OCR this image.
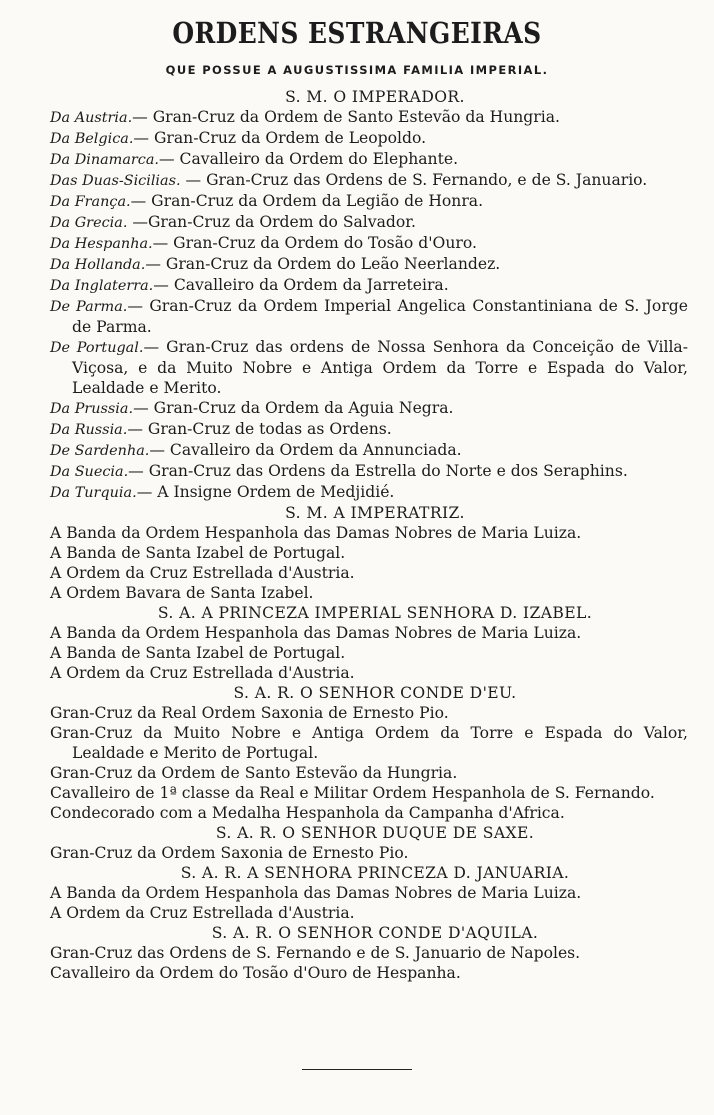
ORDENS ESTRANGEIRAS
QUE POSSUE A AUGUSTISSIMA FAMILIA IMPERIAL.
S. M. O IMPERADOR.

Da Austria.— Gran-Cruz da Ordem de Santo Estevão da Hungria.

Da Belgica.— Gran-Cruz da Ordem de Leopoldo.

Da Dinamarca.— Cavalleiro da Ordem do Elephante.

Das Duas-Sicilias. — Gran-Cruz das Ordens de S. Fernando, e de S. Januario.

Da França.— Gran-Cruz da Ordem da Legião de Honra.

Da Grecia. —Gran-Cruz da Ordem do Salvador.

Da Hespanha.— Gran-Cruz da Ordem do Tosão d'Ouro.

Da Hollanda.— Gran-Cruz da Ordem do Leão Neerlandez.

Da Inglaterra.— Cavalleiro da Ordem da Jarreteira.

De Parma.— Gran-Cruz da Ordem Imperial Angelica Constantiniana de S. Jorge de Parma.

De Portugal.— Gran-Cruz das ordens de Nossa Senhora da Conceição de Villa-Viçosa, e da Muito Nobre e Antiga Ordem da Torre e Espada do Valor, Lealdade e Merito.

Da Prussia.— Gran-Cruz da Ordem da Aguia Negra.

Da Russia.— Gran-Cruz de todas as Ordens.

De Sardenha.— Cavalleiro da Ordem da Annunciada.

Da Suecia.— Gran-Cruz das Ordens da Estrella do Norte e dos Seraphins.

Da Turquia.— A Insigne Ordem de Medjidié.

S. M. A IMPERATRIZ.

A Banda da Ordem Hespanhola das Damas Nobres de Maria Luiza.

A Banda de Santa Izabel de Portugal.

A Ordem da Cruz Estrellada d'Austria.

A Ordem Bavara de Santa Izabel.

S. A. A PRINCEZA IMPERIAL SENHORA D. IZABEL.

A Banda da Ordem Hespanhola das Damas Nobres de Maria Luiza.

A Banda de Santa Izabel de Portugal.

A Ordem da Cruz Estrellada d'Austria.

S. A. R. O SENHOR CONDE D'EU.

Gran-Cruz da Real Ordem Saxonia de Ernesto Pio.

Gran-Cruz da Muito Nobre e Antiga Ordem da Torre e Espada do Valor, Lealdade e Merito de Portugal.

Gran-Cruz da Ordem de Santo Estevão da Hungria.

Cavalleiro de 1ª classe da Real e Militar Ordem Hespanhola de S. Fernando.

Condecorado com a Medalha Hespanhola da Campanha d'Africa.

S. A. R. O SENHOR DUQUE DE SAXE.

Gran-Cruz da Ordem Saxonia de Ernesto Pio.

S. A. R. A SENHORA PRINCEZA D. JANUARIA.

A Banda da Ordem Hespanhola das Damas Nobres de Maria Luiza.

A Ordem da Cruz Estrellada d'Austria.

S. A. R. O SENHOR CONDE D'AQUILA.

Gran-Cruz das Ordens de S. Fernando e de S. Januario de Napoles.

Cavalleiro da Ordem do Tosão d'Ouro de Hespanha.
